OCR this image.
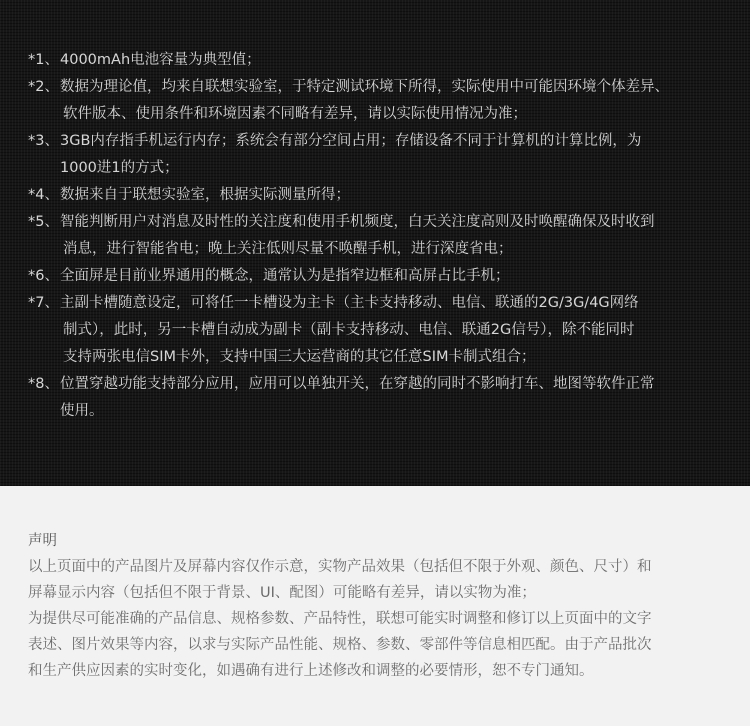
*1、 4000mAh电池容量为典型值；
*2、 数据为理论值，均来自联想实验室，于特定测试环境下所得，实际使用中可能因环境个体差异、
软件版本、使用条件和环境因素不同略有差异，请以实际使用情况为准；
*3、 3GB内存指手机运行内存；系统会有部分空间占用；存储设备不同于计算机的计算比例，为
1000进1的方式；
*4、 数据来自于联想实验室，根据实际测量所得；
*5、 智能判断用户对消息及时性的关注度和使用手机频度，白天关注度高则及时唤醒确保及时收到
消息，进行智能省电；晚上关注低则尽量不唤醒手机，进行深度省电；
*6、 全面屏是目前业界通用的概念，通常认为是指窄边框和高屏占比手机；
*7、 主副卡槽随意设定，可将任一卡槽设为主卡（主卡支持移动、电信、联通的2G/3G/4G网络
制式），此时，另一卡槽自动成为副卡（副卡支持移动、电信、联通2G信号），除不能同时
支持两张电信SIM卡外，支持中国三大运营商的其它任意SIM卡制式组合；
*8、 位置穿越功能支持部分应用，应用可以单独开关，在穿越的同时不影响打车、地图等软件正常
使用。
声明
以上页面中的产品图片及屏幕内容仅作示意，实物产品效果（包括但不限于外观、颜色、尺寸）和
屏幕显示内容（包括但不限于背景、UI、配图）可能略有差异，请以实物为准；
为提供尽可能准确的产品信息、规格参数、产品特性，联想可能实时调整和修订以上页面中的文字
表述、图片效果等内容，以求与实际产品性能、规格、参数、零部件等信息相匹配。由于产品批次
和生产供应因素的实时变化，如遇确有进行上述修改和调整的必要情形，恕不专门通知。
